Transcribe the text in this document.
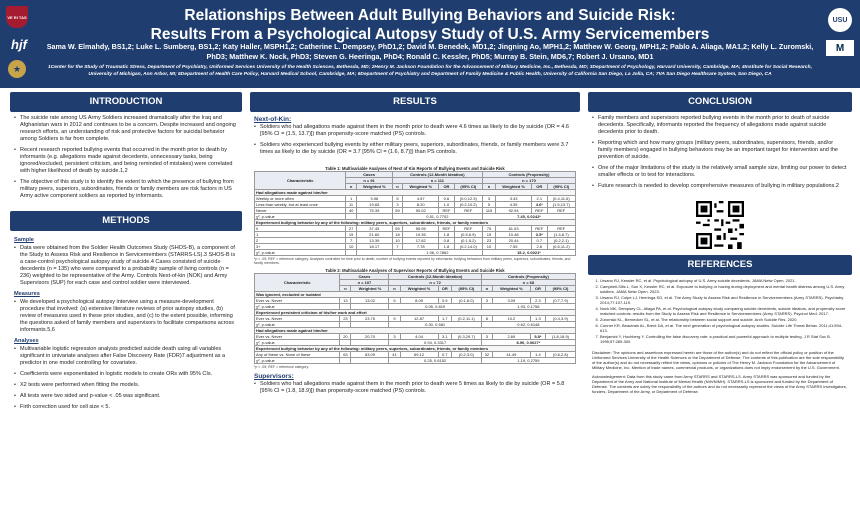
VE RI TAS
hjf
★
USU
M
Relationships Between Adult Bullying Behaviors and Suicide Risk:
Results From a Psychological Autopsy Study of U.S. Army Servicemembers
Sama W. Elmahdy, BS1,2; Luke L. Sumberg, BS1,2; Katy Haller, MSPH1,2; Catherine L. Dempsey, PhD1,2; David M. Benedek, MD1,2; Jingning Ao, MPH1,2; Matthew W. Georg, MPH1,2; Pablo A. Aliaga, MA1,2; Kelly L. Zuromski, PhD3; Matthew K. Nock, PhD3; Steven G. Heeringa, PhD4; Ronald C. Kessler, PhD5; Murray B. Stein, MD6,7; Robert J. Ursano, MD1
1Center for the Study of Traumatic Stress, Department of Psychiatry, Uniformed Services University of the Health Sciences, Bethesda, MD; 2Henry M. Jackson Foundation for the Advancement of Military Medicine, Inc., Bethesda, MD; 3Department of Psychology, Harvard University, Cambridge, MA; 4Institute for Social Research, University of Michigan, Ann Arbor, MI; 5Department of Health Care Policy, Harvard Medical School, Cambridge, MA; 6Department of Psychiatry and Department of Family Medicine & Public Health, University of California San Diego, La Jolla, CA; 7VA San Diego Healthcare System, San Diego, CA
INTRODUCTION
• The suicide rate among US Army Soldiers increased dramatically after the Iraq and Afghanistan wars in 2012 and continues to be a concern. Despite increased and ongoing research efforts, an understanding of risk and protective factors for suicidal behavior among Soldiers is far from complete.
• Recent research reported bullying events that occurred in the month prior to death by informants (e.g. allegations made against decedents, unnecessary tasks, being ignored/excluded, persistent criticism, and being reminded of mistakes) were correlated with higher likelihood of death by suicide.1,2
• The objective of this study is to identify the extent to which the presence of bullying from military peers, superiors, subordinates, friends or family members are risk factors in US Army active component soldiers as reported by informants.
METHODS
Sample
• Data were obtained from the Soldier Health Outcomes Study (SHOS-B), a component of the Study to Assess Risk and Resilience in Servicemembers (STARRS-LS).3 SHOS-B is a case-control psychological autopsy study of suicide.4 Cases consisted of suicide decedents (n = 135) who were compared to a probability sample of living controls (n = 236) weighted to be representative of the Army. Controls Next-of-kin (NOK) and Army Supervisors (SUP) for each case and control soldier were interviewed.
Measures
• We developed a psychological autopsy interview using a measure-development procedure that involved: (a) extensive literature reviews of prior autopsy studies, (b) review of measures used in these prior studies, and (c) to the extent possible, informing the questions asked of family members and supervisors to facilitate comparisons across informants.5,6
Analyses
• Multivariable logistic regression analysis predicted suicide death using all variables significant in univariate analyses after False Discovery Rate (FDR)7 adjustment as a predictor in one model controlling for covariates.
• Coefficients were exponentiated in logistic models to create ORs with 95% CIs.
• X2 tests were performed when fitting the models.
• All tests were two sided and p-value < .05 was significant.
• Firth correction used for cell size < 5.
RESULTS
Next-of-Kin:
• Soldiers who had allegations made against them in the month prior to death were 4.6 times as likely to die by suicide (OR = 4.6 [95% CI = (1.5, 13.7)]) than propensity-score matched (PS) controls.
• Soldiers who experienced bullying events by either military peers, superiors, subordinates, friends, or family members were 3.7 times as likely to die by suicide (OR = 3.7 [95% CI = (1.6, 8.7)]) than PS controls.
Table 1: Multivariable Analyses of Next of Kin Reports of Bullying Events and Suicide Risk
Characteristic	Cases		Controls (12-Month Ideation)				Controls (Propensity)			
	n = 91		n = 111				n = 170			
	n	Weighted %	n	Weighted %	OR	(95% CI)	n	Weighted %	OR	(95% CI)
Had allegations made against him/her										
Weekly or more often	1	3.96	5	4.57	0.6	(0.0,12.3)	3	3.33	2.1	(0.4,11.6)
Less than weekly, but at least once	11	19.65	3	8.20	1.0	(0.2,10.2)	5	4.35	4.6*	(1.5,13.7)
Never	40	75.39	59	90.02	REF	REF	115	92.94	REF	REF
χ², p-value			0.51, 0.7702				7.45, 0.0242*			
Experienced bullying behavior by any of the following: military peers, superiors, subordinates, friends, or family members										
0	27	37.45	59	55.95	REF	REF	75	61.53	REF	REF
1	15	21.60	18	19.35	1.8	(0.5,6.9)	15	10.48	3.5*	(1.4,8.7)
2	7	13.39	10	17.82	0.8	(0.1,5.2)	23	20.44	0.7	(0.2,2.1)
3+	10	18.17	7	7.78	1.8	(0.2,14.0)	10	7.55	2.6	(0.6,11.2)
χ², p-value			1.06, 0.7862				15.2, 0.0021*			
*p < .05; REF = reference category. Analyses controlled for time prior to death; number of bullying events reported by informants; bullying behaviors from military peers, superiors, subordinates, friends, and family members.
Table 2: Multivariable Analyses of Supervisor Reports of Bullying Events and Suicide Risk
Characteristic	Cases		Controls (12-Month Ideation)				Controls (Propensity)			
	n = 107		n = 72				n = 68			
	n	Weighted %	n	Weighted %	OR	(95% CI)	n	Weighted %	OR	(95% CI)
Was ignored, excluded or isolated										
Ever vs. Never	13	13.02	5	8.09	0.9	(0.1,6.0)	3	3.09	2.3	(0.7,7.9)
χ², p-value			0.05, 0.819				1.93, 0.1756			
Experienced persistent criticism of his/her work and effort										
Ever vs. Never	23	23.75	9	12.87	1.7	(0.2,11.1)	8	10.2	1.3	(0.4,3.9)
χ², p-value			0.30, 0.581				0.62, 0.6148			
Had allegations made against him/her										
Ever vs. Never	20	20.70	3	4.04	3.1	(0.3,29.7)	3	2.69	5.8*	(1.8,18.9)
χ², p-value			0.94, 0.3317				8.90, 0.0027*			
Experienced bullying behavior by any of the following: military peers, superiors, subordinates, friends, or family members										
Any of these vs. None of these	63	63.09	41	69.12	0.7	(0.2,3.0)	32	41.49	1.4	(0.6,2.8)
χ², p-value			0.25, 0.6152				1.19, 0.2759			
*p < .05; REF = reference category.
Supervisors:
• Soldiers who had allegations made against them in the month prior to death were 5 times as likely to die by suicide (OR = 5.8 [95% CI = (1.8, 18.9)]) than propensity-score matched (PS) controls.
CONCLUSION
• Family members and supervisors reported bullying events in the month prior to death of suicide decedents. Specifically, informants reported the frequency of allegations made against suicide decedents prior to death.
• Reporting which and how many groups (military peers, subordinates, supervisors, friends, and/or family members) engaged in bullying behaviors may be an important target for intervention and the prevention of suicide.
• One of the major limitations of the study is the relatively small sample size, limiting our power to detect smaller effects or to test for interactions.
• Future research is needed to develop comprehensive measures of bullying in military populations.2
REFERENCES
1. Ursano RJ, Kessler RC, et al. Psychological autopsy of U.S. Army suicide decedents. JAMA Netw Open. 2021.
2. Campbell-Sills L, Sun X, Kessler RC, et al. Exposure to bullying or hazing during deployment and mental health distress among U.S. Army soldiers. JAMA Netw Open. 2023.
3. Ursano RJ, Colpe LJ, Heeringa SG, et al. The Army Study to Assess Risk and Resilience in Servicemembers (Army STARRS). Psychiatry. 2014;77:107-119.
4. Nock MK, Dempsey CL, Aliaga PA, et al. Psychological autopsy study comparing suicide decedents, suicide ideators, and propensity score matched controls: results from the Study to Assess Risk and Resilience in Servicemembers (Army STARRS). Psychol Med. 2017.
5. Zuromski KL, Bernecker SL, et al. The relationship between social support and suicide. Arch Suicide Res. 2020.
6. Conner KR, Beautrais AL, Brent DA, et al. The next generation of psychological autopsy studies. Suicide Life Threat Behav. 2011;41:594-613.
7. Benjamini Y, Hochberg Y. Controlling the false discovery rate: a practical and powerful approach to multiple testing. J R Stat Soc B. 1995;57:289-300.
Disclaimer: The opinions and assertions expressed herein are those of the author(s) and do not reflect the official policy or position of the Uniformed Services University of the Health Sciences or the Department of Defense. The contents of this publication are the sole responsibility of the author(s) and do not necessarily reflect the views, opinions or policies of The Henry M. Jackson Foundation for the Advancement of Military Medicine, Inc. Mention of trade names, commercial products, or organizations does not imply endorsement by the U.S. Government.
Acknowledgement: Data from this study came from Army STARRS and STARRS-LS. Army STARRS was sponsored and funded by the Department of the Army and National Institute of Mental Health (NIH/NIMH). STARRS-LS is sponsored and funded by the Department of Defense. The contents are solely the responsibility of the authors and do not necessarily represent the views of the Army STARRS investigators, funders, Department of the Army, or Department of Defense.
